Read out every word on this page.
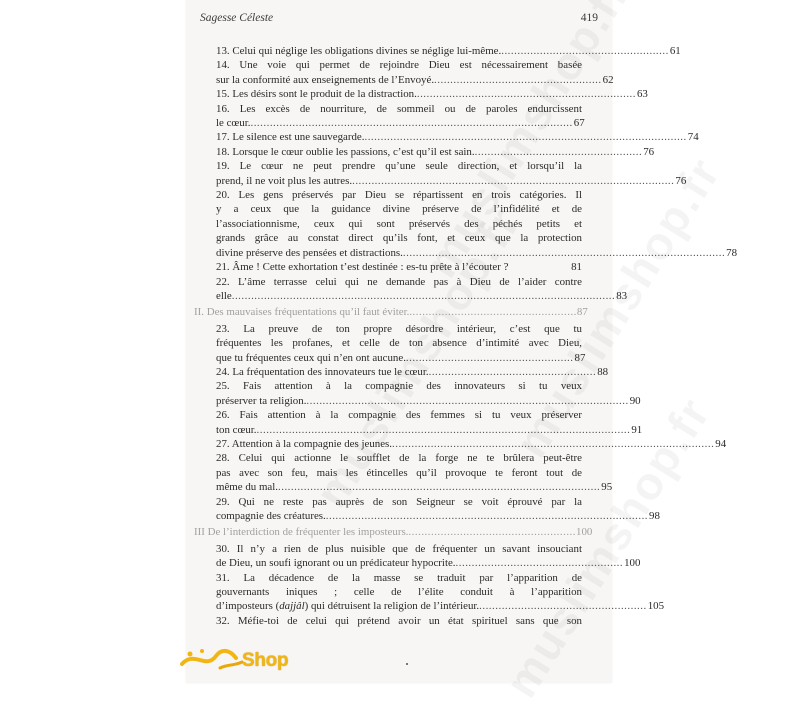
Sagesse Céleste	419
13. Celui qui néglige les obligations divines se néglige lui-même. .................................................... 61
14. Une voie qui permet de rejoindre Dieu est nécessairement basée
sur la conformité aux enseignements de l’Envoyé. .................................................... 62
15. Les désirs sont le produit de la distraction. .................................................................... 63
16. Les excès de nourriture, de sommeil ou de paroles endurcissent
le cœur. .................................................................................................... 67
17. Le silence est une sauvegarde. .................................................................................................... 74
18. Lorsque le cœur oublie les passions, c’est qu’il est sain. .................................................... 76
19. Le cœur ne peut prendre qu’une seule direction, et lorsqu’il la
prend, il ne voit plus les autres. .................................................................................................... 76
20. Les gens préservés par Dieu se répartissent en trois catégories. Il
y a ceux que la guidance divine préserve de l’infidélité et de
l’associationnisme, ceux qui sont préservés des péchés petits et
grands grâce au constat direct qu’ils font, et ceux que la protection
divine préserve des pensées et distractions. .................................................................................................... 78
21. Âme ! Cette exhortation t’est destinée : es-tu prête à l’écouter ?	81
22. L’âme terrasse celui qui ne demande pas à Dieu de l’aider contre
elle ....................................................................................................................... 83
II. Des mauvaises fréquentations qu’il faut éviter. .................................................... 87
23. La preuve de ton propre désordre intérieur, c’est que tu
fréquentes les profanes, et celle de ton absence d’intimité avec Dieu,
que tu fréquentes ceux qui n’en ont aucune. .................................................... 87
24. La fréquentation des innovateurs tue le cœur. .................................................... 88
25. Fais attention à la compagnie des innovateurs si tu veux
préserver ta religion. .................................................................................................... 90
26. Fais attention à la compagnie des femmes si tu veux préserver
ton cœur. .................................................................................................................... 91
27. Attention à la compagnie des jeunes. .................................................................................................... 94
28. Celui qui actionne le soufflet de la forge ne te brûlera peut-être
pas avec son feu, mais les étincelles qu’il provoque te feront tout de
même du mal. .................................................................................................... 95
29. Qui ne reste pas auprès de son Seigneur se voit éprouvé par la
compagnie des créatures. .................................................................................................... 98
III De l’interdiction de fréquenter les imposteurs. .................................................... 100
30. Il n’y a rien de plus nuisible que de fréquenter un savant insouciant
de Dieu, un soufi ignorant ou un prédicateur hypocrite. .................................................... 100
31. La décadence de la masse se traduit par l’apparition de
gouvernants iniques ; celle de l’élite conduit à l’apparition
d’imposteurs (dajjâl) qui détruisent la religion de l’intérieur. .................................................... 105
32. Méfie-toi de celui qui prétend avoir un état spirituel sans que son
Shop
